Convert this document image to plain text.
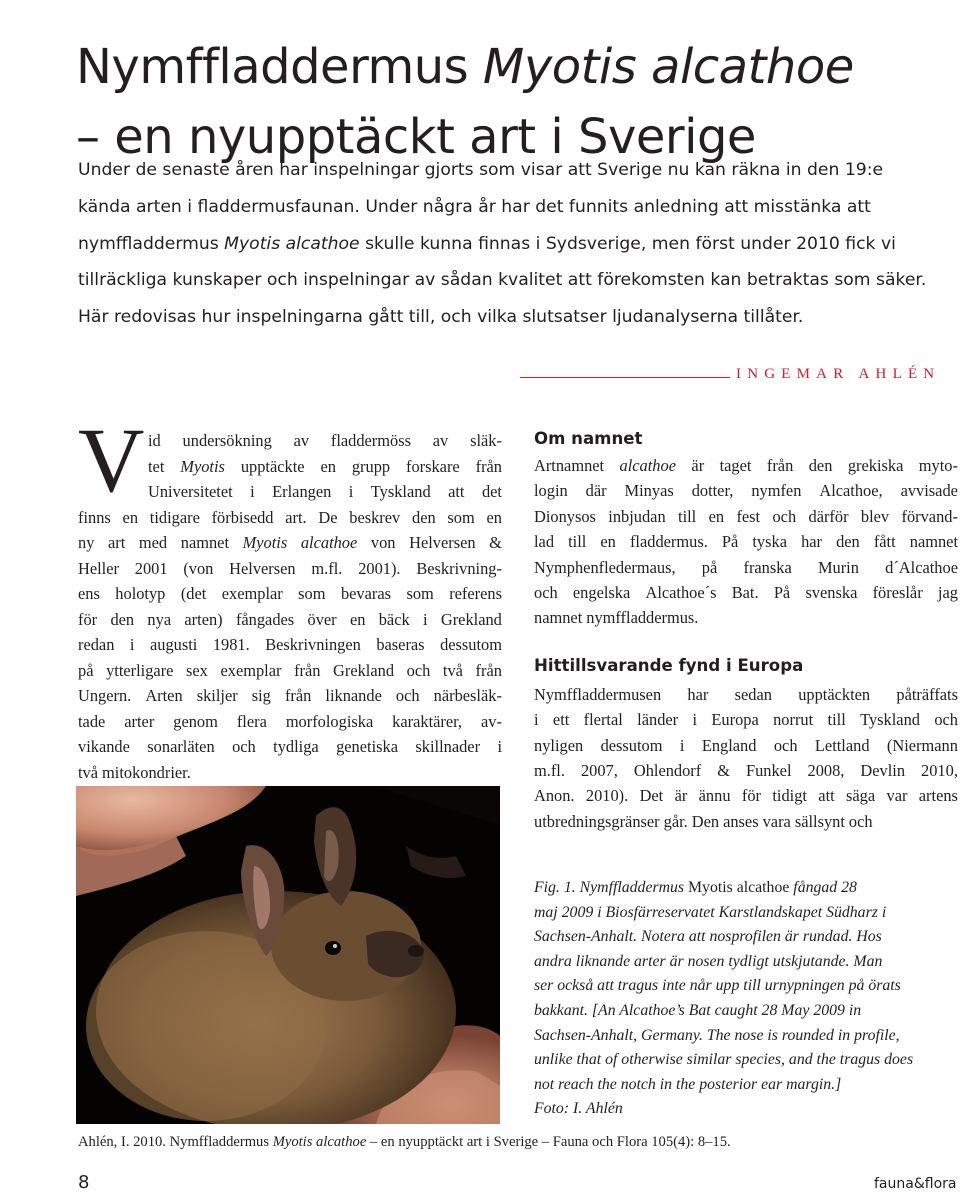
Nymffladdermus Myotis alcathoe
– en nyupptäckt art i Sverige
Under de senaste åren har inspelningar gjorts som visar att Sverige nu kan räkna in den 19:e
kända arten i fladdermusfaunan. Under några år har det funnits anledning att misstänka att
nymffladdermus Myotis alcathoe skulle kunna finnas i Sydsverige, men först under 2010 fick vi
tillräckliga kunskaper och inspelningar av sådan kvalitet att förekomsten kan betraktas som säker.
Här redovisas hur inspelningarna gått till, och vilka slutsatser ljudanalyserna tillåter.
INGEMAR AHLÉN
V id undersökning av fladdermöss av släk-
tet Myotis upptäckte en grupp forskare från
Universitetet i Erlangen i Tyskland att det
finns en tidigare förbisedd art. De beskrev den som en
ny art med namnet Myotis alcathoe von Helversen &
Heller 2001 (von Helversen m.fl. 2001). Beskrivning-
ens holotyp (det exemplar som bevaras som referens
för den nya arten) fångades över en bäck i Grekland
redan i augusti 1981. Beskrivningen baseras dessutom
på ytterligare sex exemplar från Grekland och två från
Ungern. Arten skiljer sig från liknande och närbesläk-
tade arter genom flera morfologiska karaktärer, av-
vikande sonarläten och tydliga genetiska skillnader i
två mitokondrier.
Om namnet
Artnamnet alcathoe är taget från den grekiska myto-
login där Minyas dotter, nymfen Alcathoe, avvisade
Dionysos inbjudan till en fest och därför blev förvand-
lad till en fladdermus. På tyska har den fått namnet
Nymphenfledermaus, på franska Murin d´Alcathoe
och engelska Alcathoe´s Bat. På svenska föreslår jag
namnet nymffladdermus.
Hittillsvarande fynd i Europa
Nymffladdermusen har sedan upptäckten påträffats
i ett flertal länder i Europa norrut till Tyskland och
nyligen dessutom i England och Lettland (Niermann
m.fl. 2007, Ohlendorf & Funkel 2008, Devlin 2010,
Anon. 2010). Det är ännu för tidigt att säga var artens
utbredningsgränser går. Den anses vara sällsynt och
Fig. 1. Nymffladdermus Myotis alcathoe fångad 28
maj 2009 i Biosfärreservatet Karstlandskapet Südharz i
Sachsen-Anhalt. Notera att nosprofilen är rundad. Hos
andra liknande arter är nosen tydligt utskjutande. Man
ser också att tragus inte når upp till urnypningen på örats
bakkant. [An Alcathoe’s Bat caught 28 May 2009 in
Sachsen-Anhalt, Germany. The nose is rounded in profile,
unlike that of otherwise similar species, and the tragus does
not reach the notch in the posterior ear margin.]
Foto: I. Ahlén
Ahlén, I. 2010. Nymffladdermus Myotis alcathoe – en nyupptäckt art i Sverige – Fauna och Flora 105(4): 8–15.
8	fauna&flora
